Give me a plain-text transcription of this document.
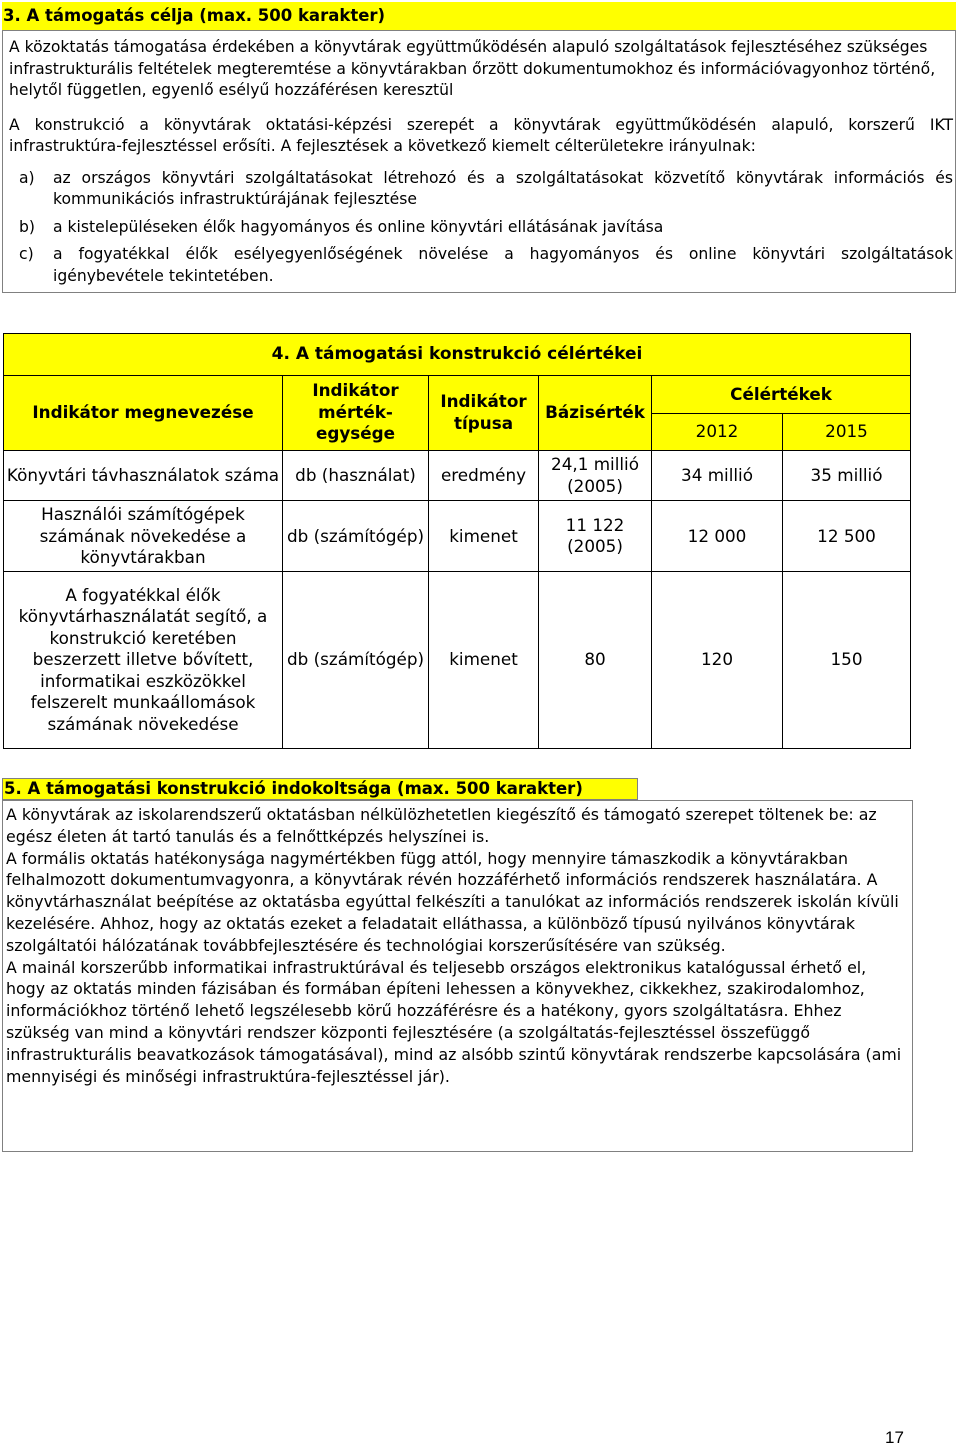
3. A támogatás célja (max. 500 karakter)

A közoktatás támogatása érdekében a könyvtárak együttműködésén alapuló szolgáltatások fejlesztéséhez szükséges infrastrukturális feltételek megteremtése a könyvtárakban őrzött dokumentumokhoz és információvagyonhoz történő, helytől független, egyenlő esélyű hozzáférésen keresztül

A konstrukció a könyvtárak oktatási-képzési szerepét a könyvtárak együttműködésén alapuló, korszerű IKT infrastruktúra-fejlesztéssel erősíti. A fejlesztések a következő kiemelt célterületekre irányulnak:

a)	az országos könyvtári szolgáltatásokat létrehozó és a szolgáltatásokat közvetítő könyvtárak információs és kommunikációs infrastruktúrájának fejlesztése
b)	a kistelepüléseken élők hagyományos és online könyvtári ellátásának javítása
c)	a fogyatékkal élők esélyegyenlőségének növelése a hagyományos és online könyvtári szolgáltatások igénybevétele tekintetében.
4. A támogatási konstrukció célértékei					
Indikátor megnevezése	Indikátor mérték-egysége	Indikátor típusa	Bázisérték	Célértékek	
				2012	2015
Könyvtári távhasználatok száma	db (használat)	eredmény	24,1 millió (2005)	34 millió	35 millió
Használói számítógépek számának növekedése a könyvtárakban	db (számítógép)	kimenet	11 122 (2005)	12 000	12 500
A fogyatékkal élők könyvtárhasználatát segítő, a konstrukció keretében beszerzett illetve bővített, informatikai eszközökkel felszerelt munkaállomások számának növekedése	db (számítógép)	kimenet	80	120	150
5. A támogatási konstrukció indokoltsága (max. 500 karakter)

A könyvtárak az iskolarendszerű oktatásban nélkülözhetetlen kiegészítő és támogató szerepet töltenek be: az egész életen át tartó tanulás és a felnőttképzés helyszínei is.

A formális oktatás hatékonysága nagymértékben függ attól, hogy mennyire támaszkodik a könyvtárakban felhalmozott dokumentumvagyonra, a könyvtárak révén hozzáférhető információs rendszerek használatára. A könyvtárhasználat beépítése az oktatásba egyúttal felkészíti a tanulókat az információs rendszerek iskolán kívüli kezelésére. Ahhoz, hogy az oktatás ezeket a feladatait elláthassa, a különböző típusú nyilvános könyvtárak szolgáltatói hálózatának továbbfejlesztésére és technológiai korszerűsítésére van szükség.

A mainál korszerűbb informatikai infrastruktúrával és teljesebb országos elektronikus katalógussal érhető el, hogy az oktatás minden fázisában és formában építeni lehessen a könyvekhez, cikkekhez, szakirodalomhoz, információkhoz történő lehető legszélesebb körű hozzáférésre és a hatékony, gyors szolgáltatásra. Ehhez szükség van mind a könyvtári rendszer központi fejlesztésére (a szolgáltatás-fejlesztéssel összefüggő infrastrukturális beavatkozások támogatásával), mind az alsóbb szintű könyvtárak rendszerbe kapcsolására (ami mennyiségi és minőségi infrastruktúra-fejlesztéssel jár).

17
